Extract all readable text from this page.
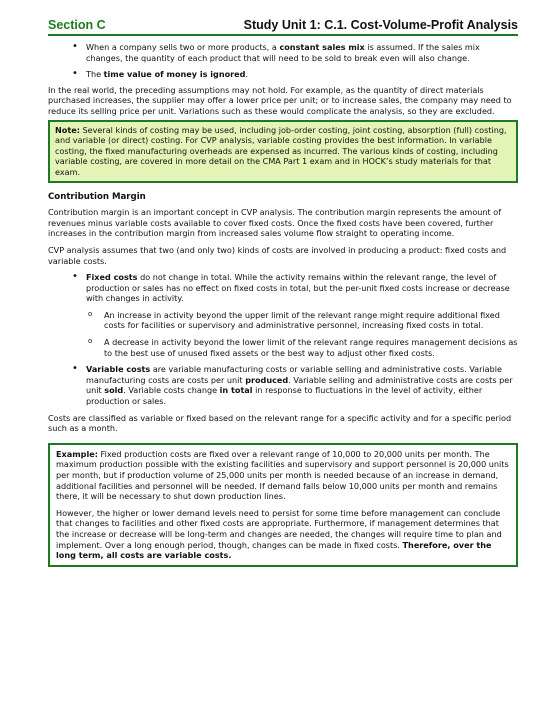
Section C	Study Unit 1: C.1. Cost-Volume-Profit Analysis
• When a company sells two or more products, a constant sales mix is assumed. If the sales mix changes, the quantity of each product that will need to be sold to break even will also change.
• The time value of money is ignored.

In the real world, the preceding assumptions may not hold. For example, as the quantity of direct materials purchased increases, the supplier may offer a lower price per unit; or to increase sales, the company may need to reduce its selling price per unit. Variations such as these would complicate the analysis, so they are excluded.

Note: Several kinds of costing may be used, including job-order costing, joint costing, absorption (full) costing, and variable (or direct) costing. For CVP analysis, variable costing provides the best information. In variable costing, the fixed manufacturing overheads are expensed as incurred. The various kinds of costing, including variable costing, are covered in more detail on the CMA Part 1 exam and in HOCK’s study materials for that exam.

Contribution Margin

Contribution margin is an important concept in CVP analysis. The contribution margin represents the amount of revenues minus variable costs available to cover fixed costs. Once the fixed costs have been covered, further increases in the contribution margin from increased sales volume flow straight to operating income.

CVP analysis assumes that two (and only two) kinds of costs are involved in producing a product: fixed costs and variable costs.

• Fixed costs do not change in total. While the activity remains within the relevant range, the level of production or sales has no effect on fixed costs in total, but the per-unit fixed costs increase or decrease with changes in activity.
o An increase in activity beyond the upper limit of the relevant range might require additional fixed costs for facilities or supervisory and administrative personnel, increasing fixed costs in total.
o A decrease in activity beyond the lower limit of the relevant range requires management decisions as to the best use of unused fixed assets or the best way to adjust other fixed costs.
• Variable costs are variable manufacturing costs or variable selling and administrative costs. Variable manufacturing costs are costs per unit produced. Variable selling and administrative costs are costs per unit sold. Variable costs change in total in response to fluctuations in the level of activity, either production or sales.

Costs are classified as variable or fixed based on the relevant range for a specific activity and for a specific period such as a month.

Example: Fixed production costs are fixed over a relevant range of 10,000 to 20,000 units per month. The maximum production possible with the existing facilities and supervisory and support personnel is 20,000 units per month, but if production volume of 25,000 units per month is needed because of an increase in demand, additional facilities and personnel will be needed. If demand falls below 10,000 units per month and remains there, it will be necessary to shut down production lines.

However, the higher or lower demand levels need to persist for some time before management can conclude that changes to facilities and other fixed costs are appropriate. Furthermore, if management determines that the increase or decrease will be long-term and changes are needed, the changes will require time to plan and implement. Over a long enough period, though, changes can be made in fixed costs. Therefore, over the long term, all costs are variable costs.
